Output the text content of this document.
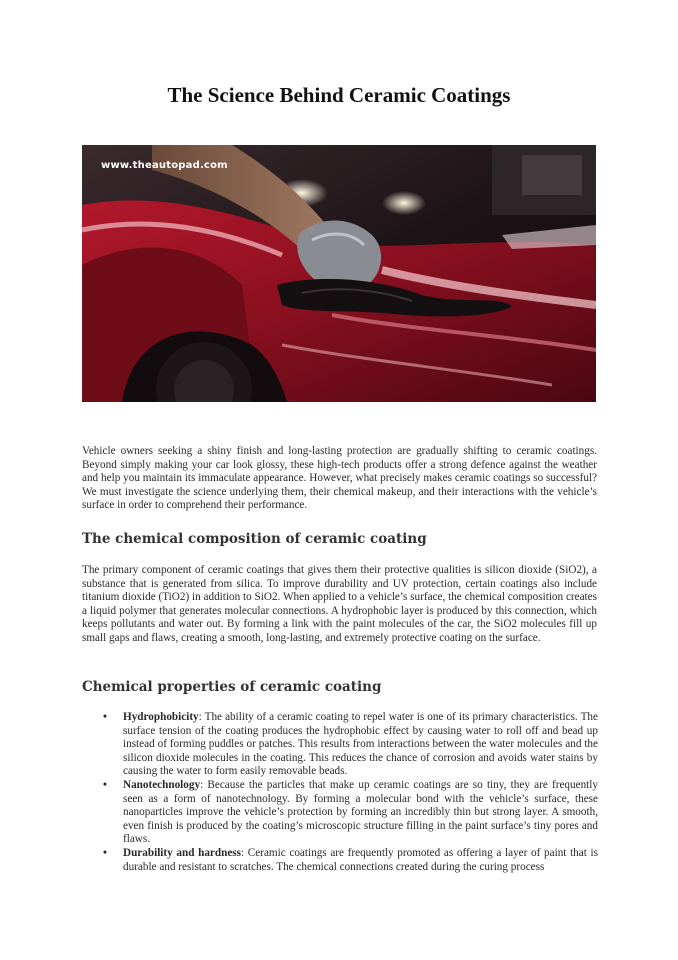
The Science Behind Ceramic Coatings
www.theautopad.com

Vehicle owners seeking a shiny finish and long-lasting protection are gradually shifting to ceramic coatings. Beyond simply making your car look glossy, these high-tech products offer a strong defence against the weather and help you maintain its immaculate appearance. However, what precisely makes ceramic coatings so successful? We must investigate the science underlying them, their chemical makeup, and their interactions with the vehicle’s surface in order to comprehend their performance.

The chemical composition of ceramic coating

The primary component of ceramic coatings that gives them their protective qualities is silicon dioxide (SiO2), a substance that is generated from silica. To improve durability and UV protection, certain coatings also include titanium dioxide (TiO2) in addition to SiO2. When applied to a vehicle’s surface, the chemical composition creates a liquid polymer that generates molecular connections. A hydrophobic layer is produced by this connection, which keeps pollutants and water out. By forming a link with the paint molecules of the car, the SiO2 molecules fill up small gaps and flaws, creating a smooth, long-lasting, and extremely protective coating on the surface.

Chemical properties of ceramic coating
• Hydrophobicity: The ability of a ceramic coating to repel water is one of its primary characteristics. The surface tension of the coating produces the hydrophobic effect by causing water to roll off and bead up instead of forming puddles or patches. This results from interactions between the water molecules and the silicon dioxide molecules in the coating. This reduces the chance of corrosion and avoids water stains by causing the water to form easily removable beads.
• Nanotechnology: Because the particles that make up ceramic coatings are so tiny, they are frequently seen as a form of nanotechnology. By forming a molecular bond with the vehicle’s surface, these nanoparticles improve the vehicle’s protection by forming an incredibly thin but strong layer. A smooth, even finish is produced by the coating’s microscopic structure filling in the paint surface’s tiny pores and flaws.
• Durability and hardness: Ceramic coatings are frequently promoted as offering a layer of paint that is durable and resistant to scratches. The chemical connections created during the curing process
